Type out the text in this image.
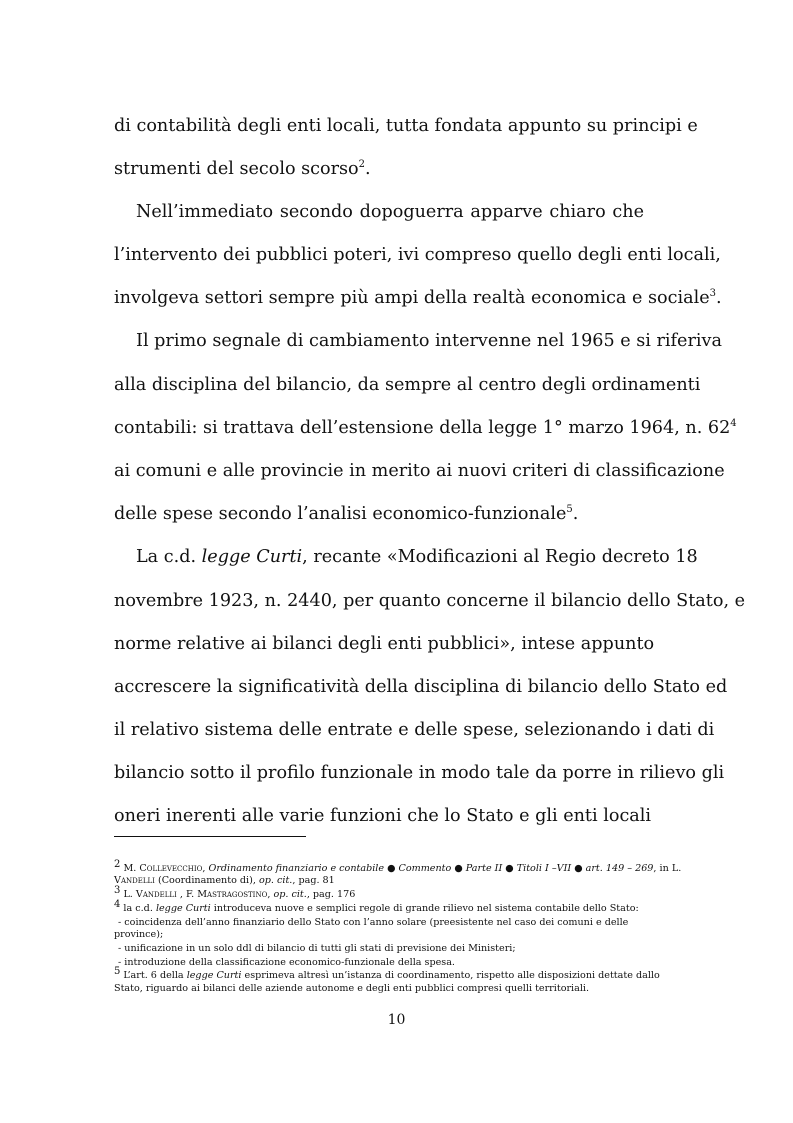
di contabilità degli enti locali, tutta fondata appunto su principi e
strumenti del secolo scorso$^2$.
Nell’immediato secondo dopoguerra apparve chiaro che
l’intervento dei pubblici poteri, ivi compreso quello degli enti locali,
involgeva settori sempre più ampi della realtà economica e sociale$^3$.
Il primo segnale di cambiamento intervenne nel 1965 e si riferiva
alla disciplina del bilancio, da sempre al centro degli ordinamenti
contabili: si trattava dell’estensione della legge 1° marzo 1964, n. $62^4$
ai comuni e alle provincie in merito ai nuovi criteri di classificazione
delle spese secondo l’analisi economico-funzionale$^5$.
La c.d. legge Curti, recante «Modificazioni al Regio decreto 18
novembre 1923, n. 2440, per quanto concerne il bilancio dello Stato, e
norme relative ai bilanci degli enti pubblici», intese appunto
accrescere la significatività della disciplina di bilancio dello Stato ed
il relativo sistema delle entrate e delle spese, selezionando i dati di
bilancio sotto il profilo funzionale in modo tale da porre in rilievo gli
oneri inerenti alle varie funzioni che lo Stato e gli enti locali
$^2$ M. Collevecchio, Ordinamento finanziario e contabile ● Commento ● Parte II ● Titoli I –VII ● art. 149 – 269, in L.
Vandelli (Coordinamento di), op. cit., pag. 81
$^3$ L. Vandelli , F. Mastragostino, op. cit., pag. 176
$^4$ la c.d. legge Curti introduceva nuove e semplici regole di grande rilievo nel sistema contabile dello Stato:
- coincidenza dell’anno finanziario dello Stato con l’anno solare (preesistente nel caso dei comuni e delle
province);
- unificazione in un solo ddl di bilancio di tutti gli stati di previsione dei Ministeri;
- introduzione della classificazione economico-funzionale della spesa.
$^5$ L’art. 6 della legge Curti esprimeva altresì un’istanza di coordinamento, rispetto alle disposizioni dettate dallo
Stato, riguardo ai bilanci delle aziende autonome e degli enti pubblici compresi quelli territoriali.
10
